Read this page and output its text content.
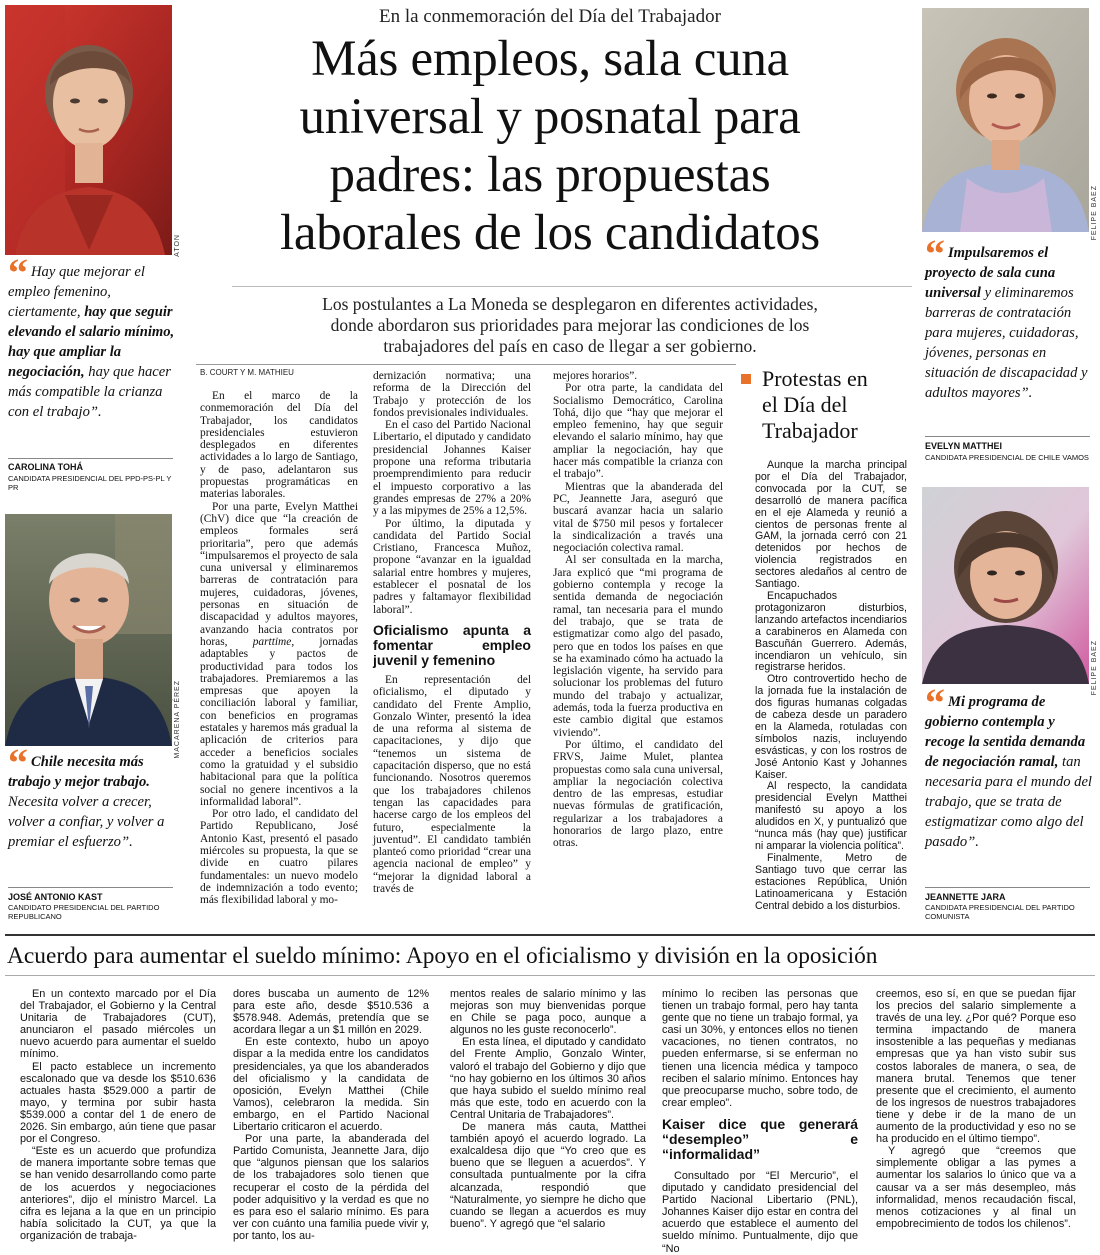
En la conmemoración del Día del Trabajador
Más empleos, sala cuna
universal y posnatal para
padres: las propuestas
laborales de los candidatos
Los postulantes a La Moneda se desplegaron en diferentes actividades,
donde abordaron sus prioridades para mejorar las condiciones de los
trabajadores del país en caso de llegar a ser gobierno.
B. COURT Y M. MATHIEU
ATON
“ Hay que mejorar el empleo femenino, ciertamente, hay que seguir elevando el salario mínimo, hay que ampliar la negociación, hay que hacer más compatible la crianza con el trabajo”.
CAROLINA TOHÁ
CANDIDATA PRESIDENCIAL DEL PPD-PS-PL Y PR
MACARENA PÉREZ
“ Chile necesita más trabajo y mejor trabajo. Necesita volver a crecer, volver a confiar, y volver a premiar el esfuerzo”.
JOSÉ ANTONIO KAST
CANDIDATO PRESIDENCIAL DEL PARTIDO REPUBLICANO

En el marco de la conmemoración del Día del Trabajador, los candidatos presidenciales estuvieron desplegados en diferentes actividades a lo largo de Santiago, y de paso, adelantaron sus propuestas programáticas en materias laborales.

Por una parte, Evelyn Matthei (ChV) dice que “la creación de empleos formales será prioritaria”, pero que además “impulsaremos el proyecto de sala cuna universal y eliminaremos barreras de contratación para mujeres, cuidadoras, jóvenes, personas en situación de discapacidad y adultos mayores, avanzando hacia contratos por horas, parttime, jornadas adaptables y pactos de productividad para todos los trabajadores. Premiaremos a las empresas que apoyen la conciliación laboral y familiar, con beneficios en programas estatales y haremos más gradual la aplicación de criterios para acceder a beneficios sociales como la gratuidad y el subsidio habitacional para que la política social no genere incentivos a la informalidad laboral”.

Por otro lado, el candidato del Partido Republicano, José Antonio Kast, presentó el pasado miércoles su propuesta, la que se divide en cuatro pilares fundamentales: un nuevo modelo de indemnización a todo evento; más flexibilidad laboral y mo-

dernización normativa; una reforma de la Dirección del Trabajo y protección de los fondos previsionales individuales.

En el caso del Partido Nacional Libertario, el diputado y candidato presidencial Johannes Kaiser propone una reforma tributaria proemprendimiento para reducir el impuesto corporativo a las grandes empresas de 27% a 20% y a las mipymes de 25% a 12,5%.

Por último, la diputada y candidata del Partido Social Cristiano, Francesca Muñoz, propone “avanzar en la igualdad salarial entre hombres y mujeres, establecer el posnatal de los padres y faltamayor flexibilidad laboral”.

Oficialismo apunta a fomentar empleo juvenil y femenino

En representación del oficialismo, el diputado y candidato del Frente Amplio, Gonzalo Winter, presentó la idea de una reforma al sistema de capacitaciones, y dijo que “tenemos un sistema de capacitación disperso, que no está funcionando. Nosotros queremos que los trabajadores chilenos tengan las capacidades para hacerse cargo de los empleos del futuro, especialmente la juventud”. El candidato también planteó como prioridad “crear una agencia nacional de empleo” y “mejorar la dignidad laboral a través de

mejores horarios”.

Por otra parte, la candidata del Socialismo Democrático, Carolina Tohá, dijo que “hay que mejorar el empleo femenino, hay que seguir elevando el salario mínimo, hay que ampliar la negociación, hay que hacer más compatible la crianza con el trabajo”.

Mientras que la abanderada del PC, Jeannette Jara, aseguró que buscará avanzar hacia un salario vital de $750 mil pesos y fortalecer la sindicalización a través una negociación colectiva ramal.

Al ser consultada en la marcha, Jara explicó que “mi programa de gobierno contempla y recoge la sentida demanda de negociación ramal, tan necesaria para el mundo del trabajo, que se trata de estigmatizar como algo del pasado, pero que en todos los países en que se ha examinado cómo ha actuado la legislación vigente, ha servido para solucionar los problemas del futuro mundo del trabajo y actualizar, además, toda la fuerza productiva en este cambio digital que estamos viviendo”.

Por último, el candidato del FRVS, Jaime Mulet, plantea propuestas como sala cuna universal, ampliar la negociación colectiva dentro de las empresas, estudiar nuevas fórmulas de gratificación, regularizar a los trabajadores a honorarios de largo plazo, entre otras.

Protestas en
el Día del
Trabajador

Aunque la marcha principal por el Día del Trabajador, convocada por la CUT, se desarrolló de manera pacífica en el eje Alameda y reunió a cientos de personas frente al GAM, la jornada cerró con 21 detenidos por hechos de violencia registrados en sectores aledaños al centro de Santiago.

Encapuchados protagonizaron disturbios, lanzando artefactos incendiarios a carabineros en Alameda con Bascuñán Guerrero. Además, incendiaron un vehículo, sin registrarse heridos.

Otro controvertido hecho de la jornada fue la instalación de dos figuras humanas colgadas de cabeza desde un paradero en la Alameda, rotuladas con símbolos nazis, incluyendo esvásticas, y con los rostros de José Antonio Kast y Johannes Kaiser.

Al respecto, la candidata presidencial Evelyn Matthei manifestó su apoyo a los aludidos en X, y puntualizó que “nunca más (hay que) justificar ni amparar la violencia política”.

Finalmente, Metro de Santiago tuvo que cerrar las estaciones República, Unión Latinoamericana y Estación Central debido a los disturbios.

FELIPE BAEZ
“ Impulsaremos el proyecto de sala cuna universal y eliminaremos barreras de contratación para mujeres, cuidadoras, jóvenes, personas en situación de discapacidad y adultos mayores”.
EVELYN MATTHEI
CANDIDATA PRESIDENCIAL DE CHILE VAMOS
FELIPE BAEZ
“ Mi programa de gobierno contempla y recoge la sentida demanda de negociación ramal, tan necesaria para el mundo del trabajo, que se trata de estigmatizar como algo del pasado”.
JEANNETTE JARA
CANDIDATA PRESIDENCIAL DEL PARTIDO COMUNISTA
Acuerdo para aumentar el sueldo mínimo: Apoyo en el oficialismo y división en la oposición

En un contexto marcado por el Día del Trabajador, el Gobierno y la Central Unitaria de Trabajadores (CUT), anunciaron el pasado miércoles un nuevo acuerdo para aumentar el sueldo mínimo.

El pacto establece un incremento escalonado que va desde los $510.636 actuales hasta $529.000 a partir de mayo, y termina por subir hasta $539.000 a contar del 1 de enero de 2026. Sin embargo, aún tiene que pasar por el Congreso.

“Este es un acuerdo que profundiza de manera importante sobre temas que se han venido desarrollando como parte de los acuerdos y negociaciones anteriores”, dijo el ministro Marcel. La cifra es lejana a la que en un principio había solicitado la CUT, ya que la organización de trabaja-

dores buscaba un aumento de 12% para este año, desde $510.536 a $578.948. Además, pretendía que se acordara llegar a un $1 millón en 2029.

En este contexto, hubo un apoyo dispar a la medida entre los candidatos presidenciales, ya que los abanderados del oficialismo y la candidata de oposición, Evelyn Matthei (Chile Vamos), celebraron la medida. Sin embargo, en el Partido Nacional Libertario criticaron el acuerdo.

Por una parte, la abanderada del Partido Comunista, Jeannette Jara, dijo que “algunos piensan que los salarios de los trabajadores solo tienen que recuperar el costo de la pérdida del poder adquisitivo y la verdad es que no es para eso el salario mínimo. Es para ver con cuánto una familia puede vivir y, por tanto, los au-

mentos reales de salario mínimo y las mejoras son muy bienvenidas porque en Chile se paga poco, aunque a algunos no les guste reconocerlo”.

En esta línea, el diputado y candidato del Frente Amplio, Gonzalo Winter, valoró el trabajo del Gobierno y dijo que “no hay gobierno en los últimos 30 años que haya subido el sueldo mínimo real más que este, todo en acuerdo con la Central Unitaria de Trabajadores”.

De manera más cauta, Matthei también apoyó el acuerdo logrado. La exalcaldesa dijo que “Yo creo que es bueno que se lleguen a acuerdos”. Y consultada puntualmente por la cifra alcanzada, respondió que “Naturalmente, yo siempre he dicho que cuando se llegan a acuerdos es muy bueno”. Y agregó que “el salario

mínimo lo reciben las personas que tienen un trabajo formal, pero hay tanta gente que no tiene un trabajo formal, ya casi un 30%, y entonces ellos no tienen vacaciones, no tienen contratos, no pueden enfermarse, si se enferman no tienen una licencia médica y tampoco reciben el salario mínimo. Entonces hay que preocuparse mucho, sobre todo, de crear empleo”.

Kaiser dice que generará “desempleo” e “informalidad”

Consultado por “El Mercurio”, el diputado y candidato presidencial del Partido Nacional Libertario (PNL), Johannes Kaiser dijo estar en contra del acuerdo que establece el aumento del sueldo mínimo. Puntualmente, dijo que “No

creemos, eso sí, en que se puedan fijar los precios del salario simplemente a través de una ley. ¿Por qué? Porque eso termina impactando de manera insostenible a las pequeñas y medianas empresas que ya han visto subir sus costos laborales de manera, o sea, de manera brutal. Tenemos que tener presente que el crecimiento, el aumento de los ingresos de nuestros trabajadores tiene y debe ir de la mano de un aumento de la productividad y eso no se ha producido en el último tiempo”.

Y agregó que “creemos que simplemente obligar a las pymes a aumentar los salarios lo único que va a causar va a ser más desempleo, más informalidad, menos recaudación fiscal, menos cotizaciones y al final un empobrecimiento de todos los chilenos”.
